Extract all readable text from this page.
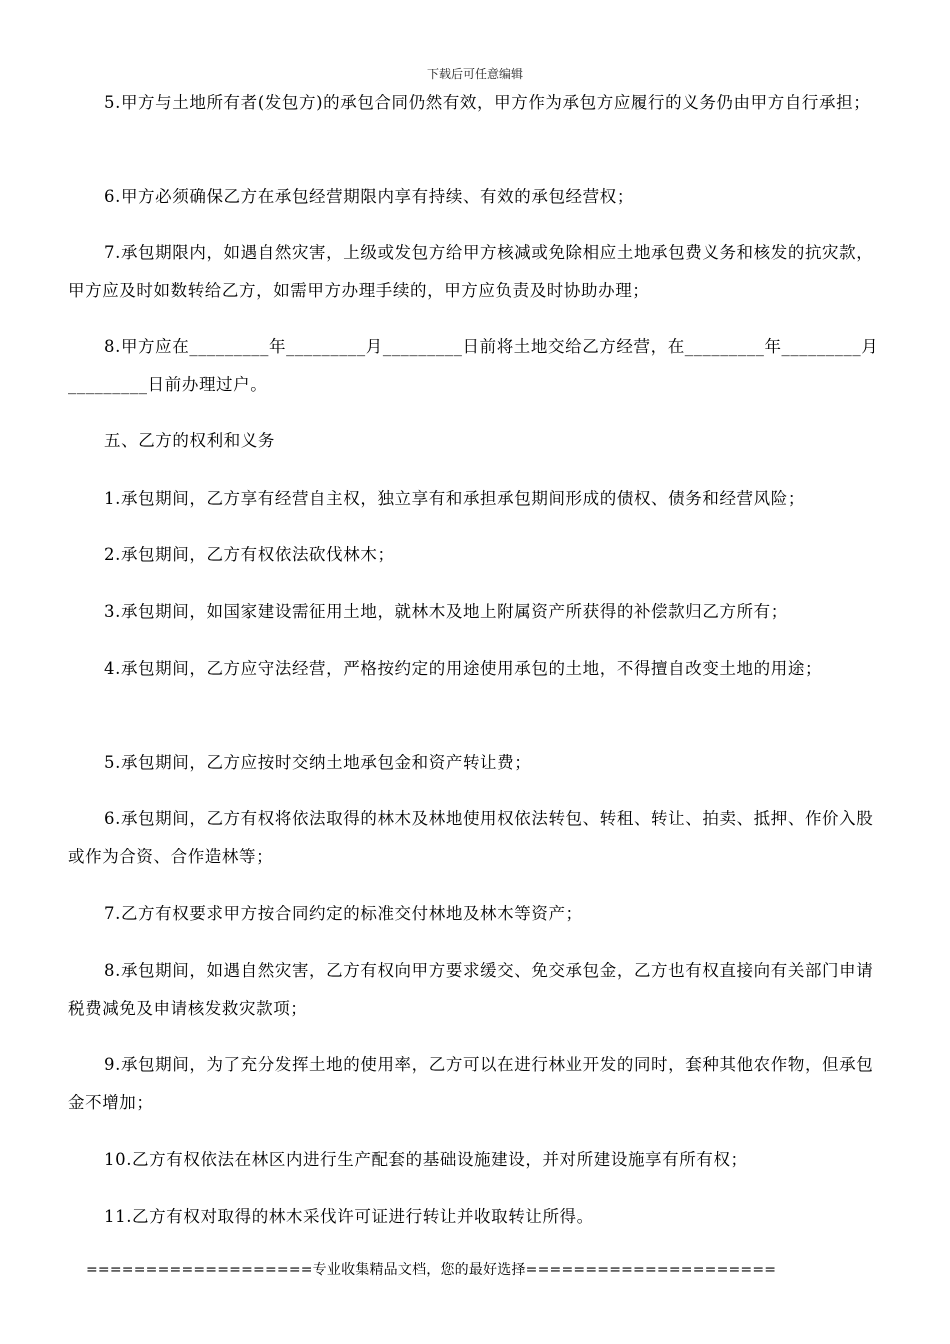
下载后可任意编辑
5.甲方与土地所有者(发包方)的承包合同仍然有效，甲方作为承包方应履行的义务仍由甲方自行承担；
6.甲方必须确保乙方在承包经营期限内享有持续、有效的承包经营权；
7.承包期限内，如遇自然灾害，上级或发包方给甲方核减或免除相应土地承包费义务和核发的抗灾款，甲方应及时如数转给乙方，如需甲方办理手续的，甲方应负责及时协助办理；
8.甲方应在_________年_________月_________日前将土地交给乙方经营，在_________年_________月_________日前办理过户。
五、乙方的权利和义务
1.承包期间，乙方享有经营自主权，独立享有和承担承包期间形成的债权、债务和经营风险；
2.承包期间，乙方有权依法砍伐林木；
3.承包期间，如国家建设需征用土地，就林木及地上附属资产所获得的补偿款归乙方所有；
4.承包期间，乙方应守法经营，严格按约定的用途使用承包的土地，不得擅自改变土地的用途；
5.承包期间，乙方应按时交纳土地承包金和资产转让费；
6.承包期间，乙方有权将依法取得的林木及林地使用权依法转包、转租、转让、拍卖、抵押、作价入股或作为合资、合作造林等；
7.乙方有权要求甲方按合同约定的标准交付林地及林木等资产；
8.承包期间，如遇自然灾害，乙方有权向甲方要求缓交、免交承包金，乙方也有权直接向有关部门申请税费减免及申请核发救灾款项；
9.承包期间，为了充分发挥土地的使用率，乙方可以在进行林业开发的同时，套种其他农作物，但承包金不增加；
10.乙方有权依法在林区内进行生产配套的基础设施建设，并对所建设施享有所有权；
11.乙方有权对取得的林木采伐许可证进行转让并收取转让所得。
===================专业收集精品文档，您的最好选择=====================
